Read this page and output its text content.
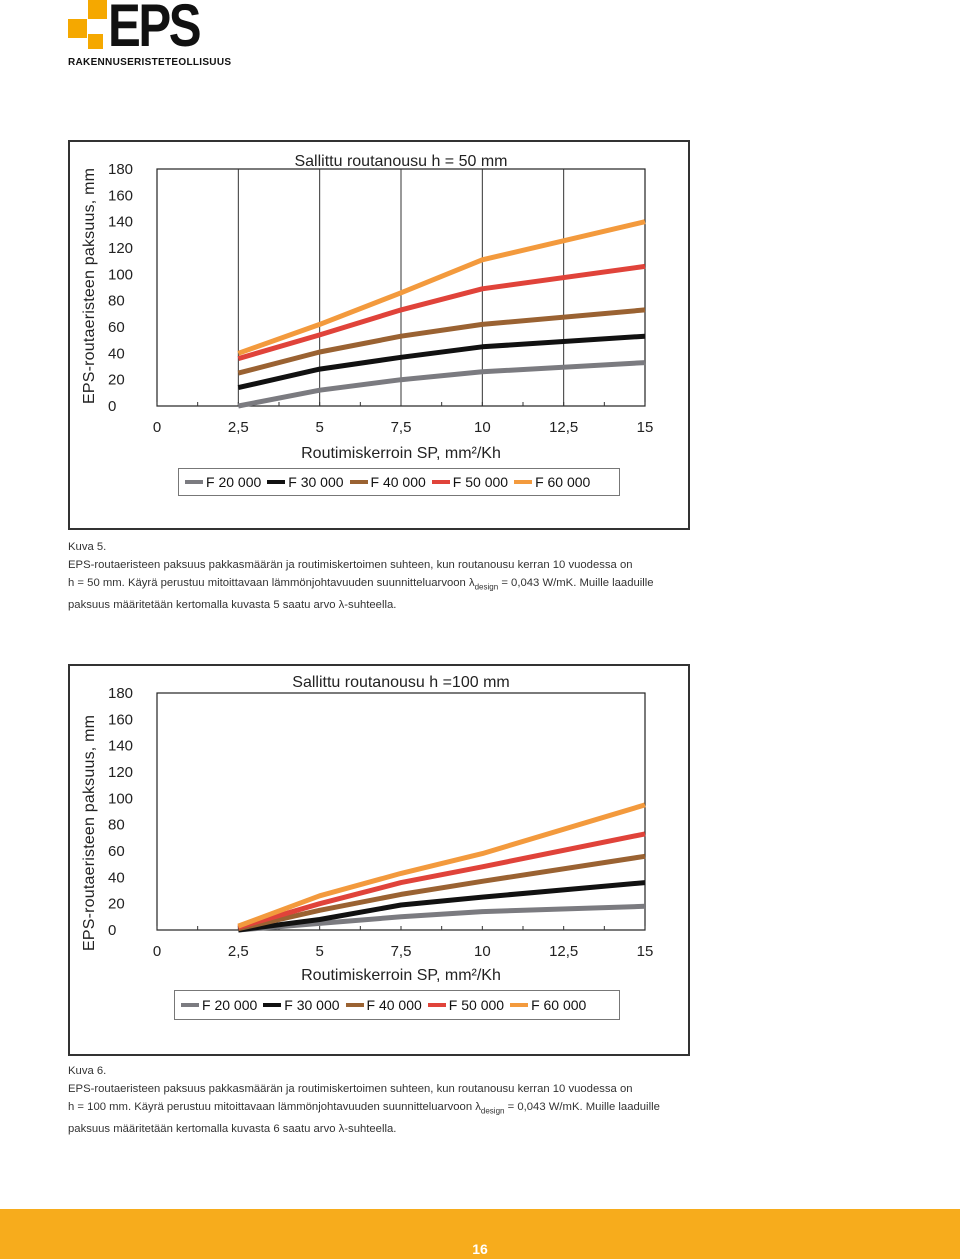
EPS
RAKENNUSERISTETEOLLISUUS
Sallittu routanousu h = 50 mm
0	2,5	5	7,5	10	12,5	15
0
20
40
60
80
100
120
140
160
180
Routimiskerroin SP, mm²/Kh
EPS-routaeristeen paksuus, mm
F 20 000 F 30 000 F 40 000 F 50 000 F 60 000

Kuva 5.

EPS-routaeristeen paksuus pakkasmäärän ja routimiskertoimen suhteen, kun routanousu kerran 10 vuodessa on

h = 50 mm. Käyrä perustuu mitoittavaan lämmönjohtavuuden suunnitteluarvoon $\lambda_{design} = 0,043$ W/mK. Muille laaduille

paksuus määritetään kertomalla kuvasta 5 saatu arvo λ-suhteella.

Sallittu routanousu h =100 mm
0	2,5	5	7,5	10	12,5	15
0
20
40
60
80
100
120
140
160
180
Routimiskerroin SP, mm²/Kh
EPS-routaeristeen paksuus, mm
F 20 000 F 30 000 F 40 000 F 50 000 F 60 000

Kuva 6.

EPS-routaeristeen paksuus pakkasmäärän ja routimiskertoimen suhteen, kun routanousu kerran 10 vuodessa on

h = 100 mm. Käyrä perustuu mitoittavaan lämmönjohtavuuden suunnitteluarvoon $\lambda_{design} = 0,043$ W/mK. Muille laaduille

paksuus määritetään kertomalla kuvasta 6 saatu arvo λ-suhteella.

16
